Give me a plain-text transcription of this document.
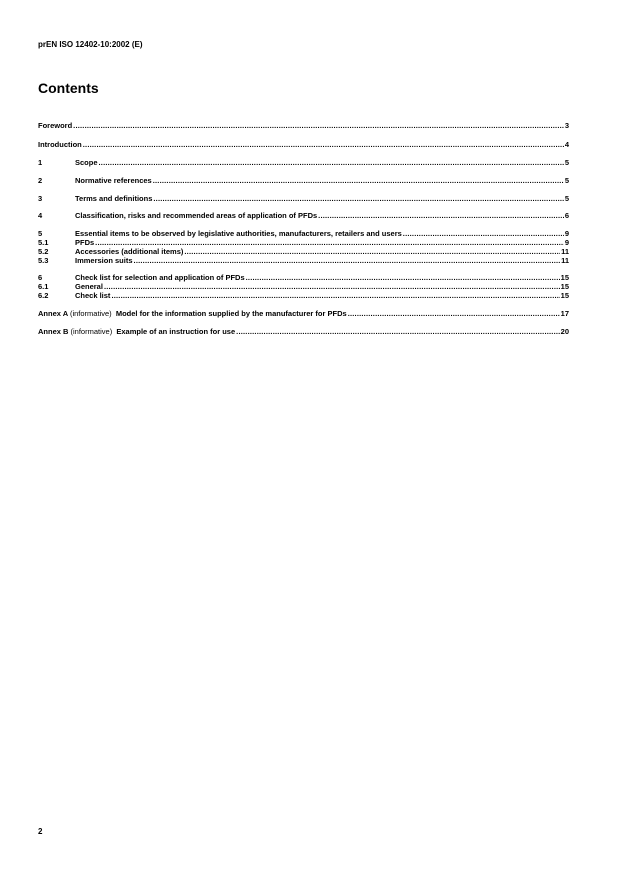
prEN ISO 12402-10:2002 (E)
Contents
Foreword .....	3
Introduction .....	4
1	Scope .....	5
2	Normative references .....	5
3	Terms and definitions .....	5
4	Classification, risks and recommended areas of application of PFDs .....	6
5	Essential items to be observed by legislative authorities, manufacturers, retailers and users .....	9
5.1	PFDs .....	9
5.2	Accessories (additional items) .....	11
5.3	Immersion suits .....	11
6	Check list for selection and application of PFDs .....	15
6.1	General .....	15
6.2	Check list .....	15
Annex A (informative) Model for the information supplied by the manufacturer for PFDs .....	17
Annex B (informative) Example of an instruction for use .....	20
2
